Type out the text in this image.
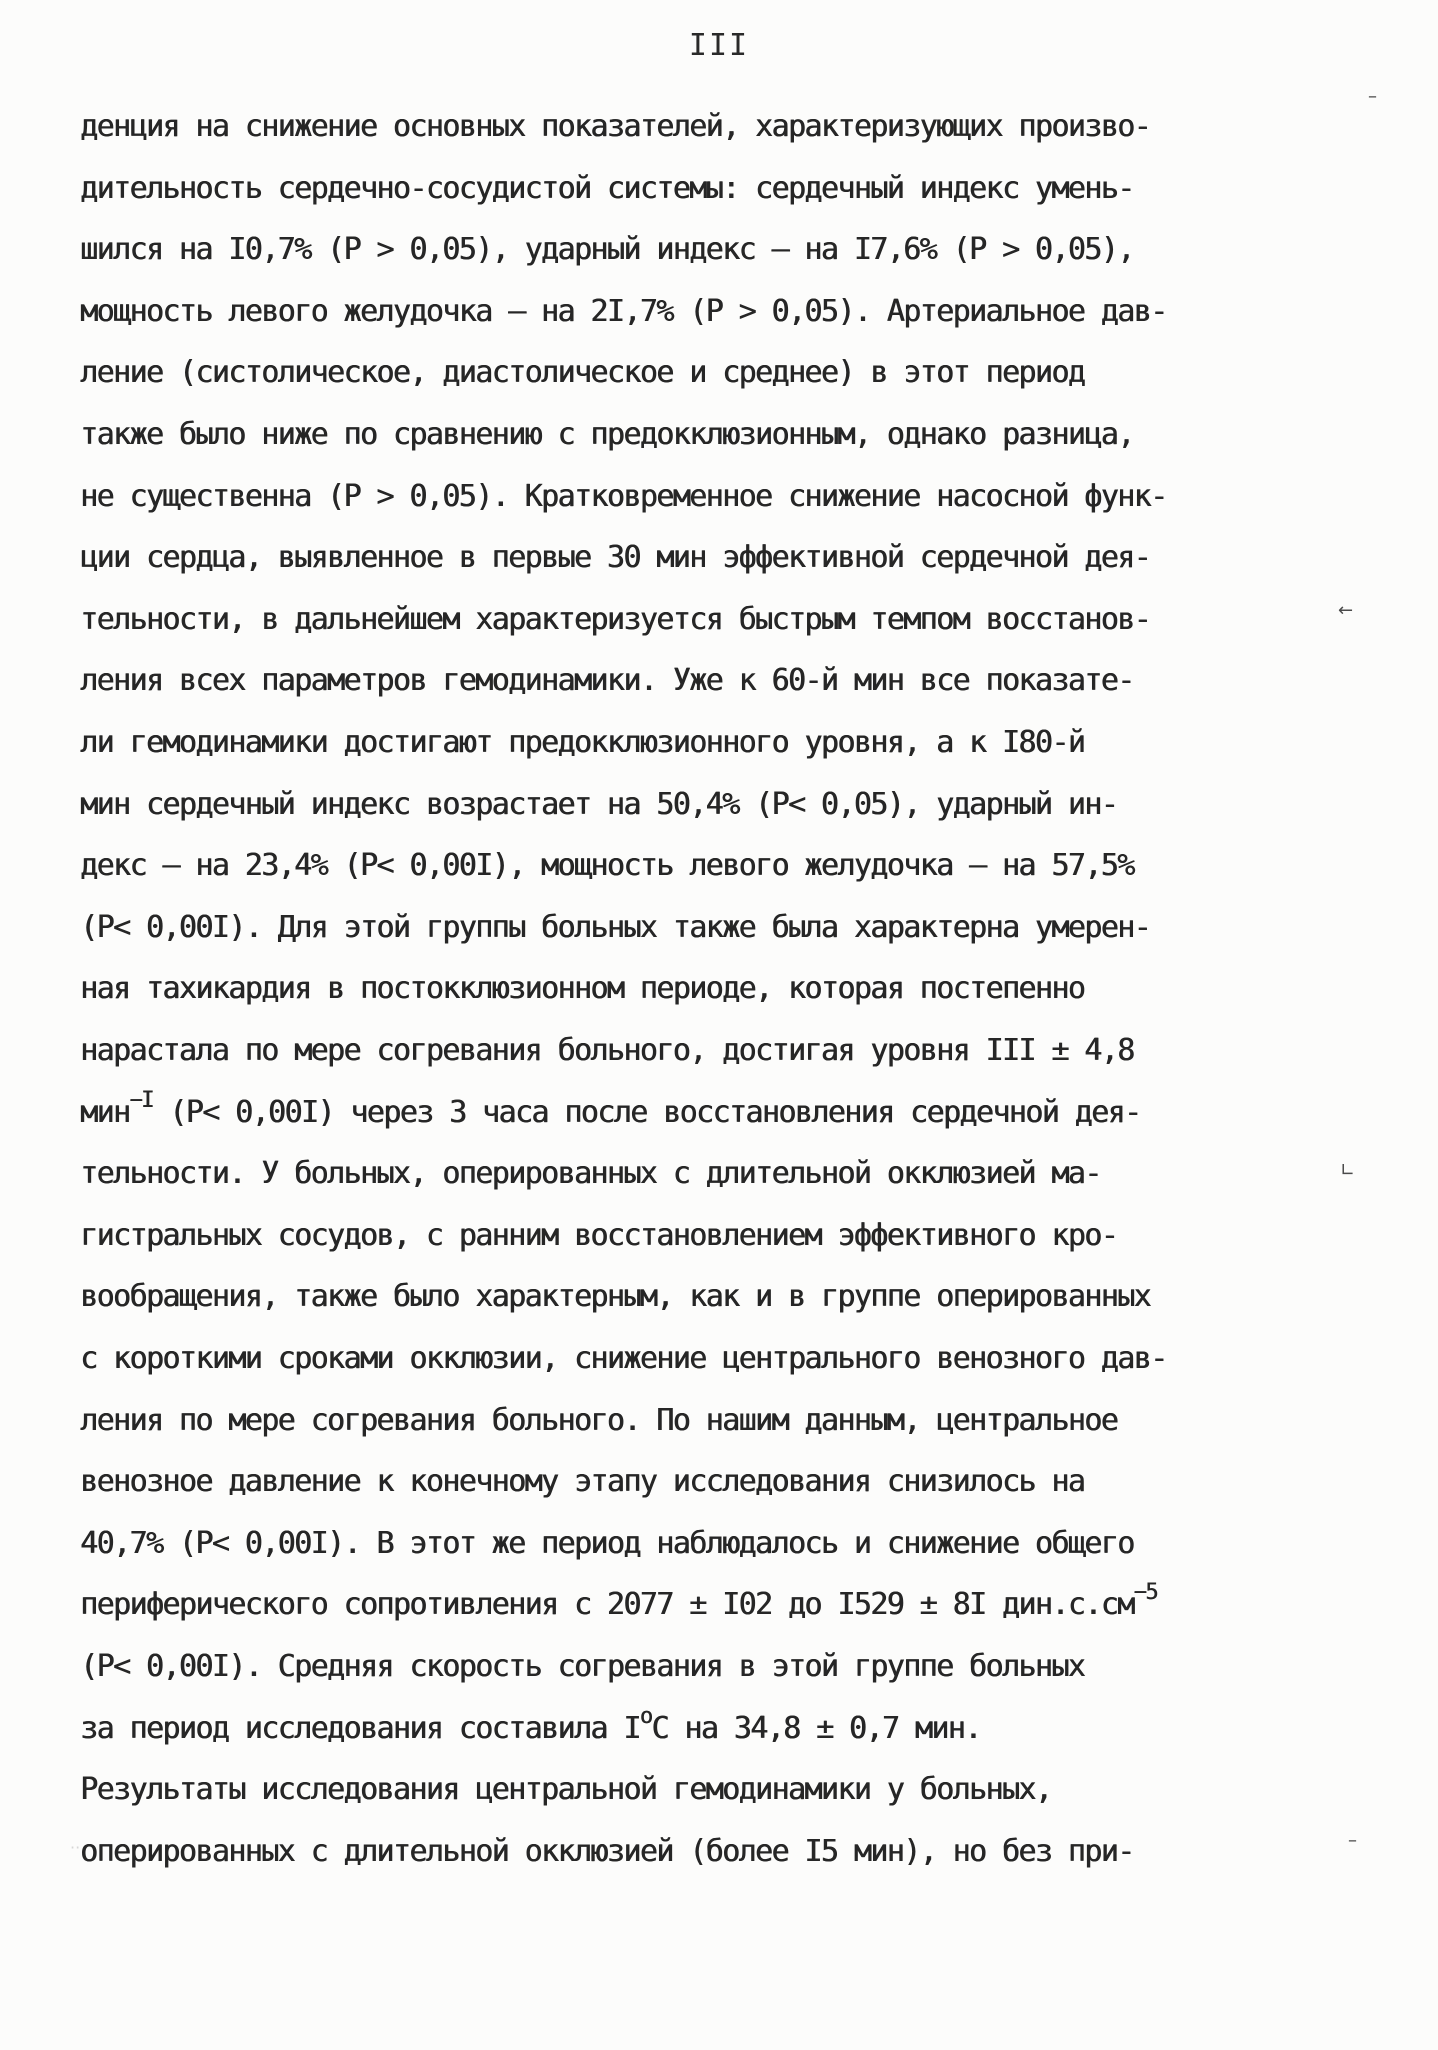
III
денция на снижение основных показателей, характеризующих произво-
дительность сердечно-сосудистой системы: сердечный индекс умень-
шился на I0,7% (P > 0,05), ударный индекс – на I7,6% (P > 0,05),
мощность левого желудочка – на 2I,7% (P > 0,05). Артериальное дав-
ление (систолическое, диастолическое и среднее) в этот период
также было ниже по сравнению с предокклюзионным, однако разница,
не существенна (P > 0,05). Кратковременное снижение насосной функ-
ции сердца, выявленное в первые 30 мин эффективной сердечной дея-
тельности, в дальнейшем характеризуется быстрым темпом восстанов-
ления всех параметров гемодинамики. Уже к 60-й мин все показате-
ли гемодинамики достигают предокклюзионного уровня, а к I80-й
мин сердечный индекс возрастает на 50,4% (P< 0,05), ударный ин-
декс – на 23,4% (P< 0,00I), мощность левого желудочка – на 57,5%
(P< 0,00I). Для этой группы больных также была характерна умерен-
ная тахикардия в постокклюзионном периоде, которая постепенно
нарастала по мере согревания больного, достигая уровня III ± 4,8
мин$^{-I}$ (P< 0,00I) через 3 часа после восстановления сердечной дея-
тельности. У больных, оперированных с длительной окклюзией ма-
гистральных сосудов, с ранним восстановлением эффективного кро-
вообращения, также было характерным, как и в группе оперированных
с короткими сроками окклюзии, снижение центрального венозного дав-
ления по мере согревания больного. По нашим данным, центральное
венозное давление к конечному этапу исследования снизилось на
40,7% (P< 0,00I). В этот же период наблюдалось и снижение общего
периферического сопротивления с 2077 ± I02 до I529 ± 8I $дин.с.см^{-5}$
(P< 0,00I). Средняя скорость согревания в этой группе больных
за период исследования составила $I^оС$ на 34,8 ± 0,7 мин.
Результаты исследования центральной гемодинамики у больных,
оперированных с длительной окклюзией (более I5 мин), но без при-
–
←
∟
–
··
